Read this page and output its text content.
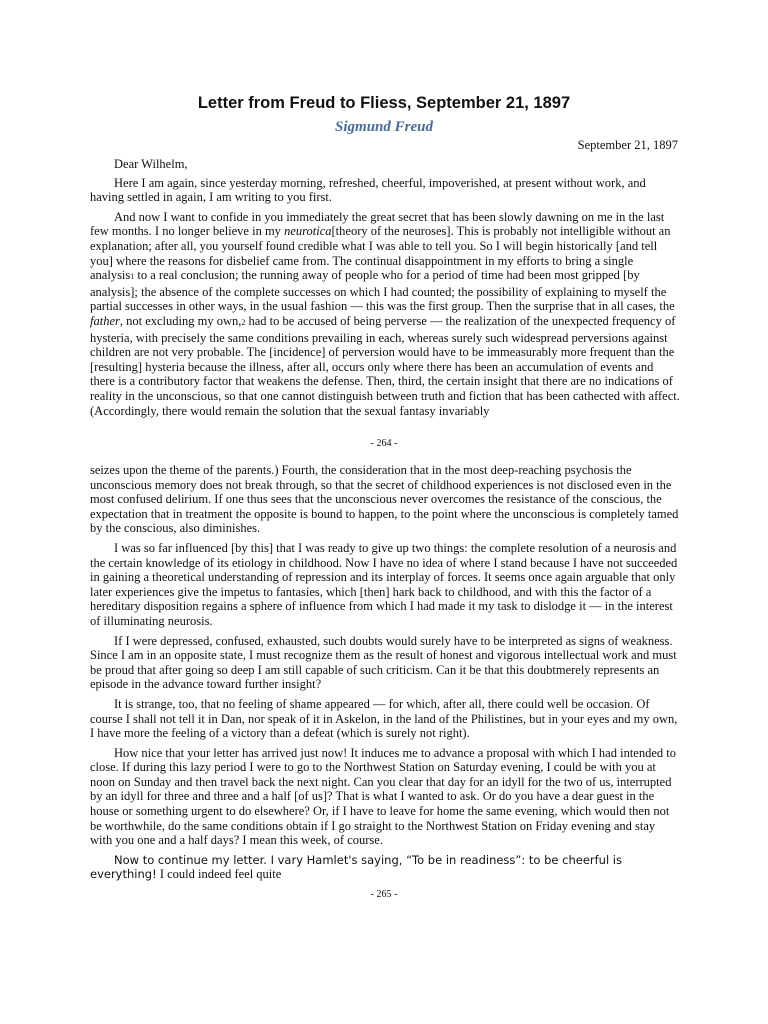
Letter from Freud to Fliess, September 21, 1897
Sigmund Freud
September 21, 1897

Dear Wilhelm,

Here I am again, since yesterday morning, refreshed, cheerful, impoverished, at present without work, and having settled in again, I am writing to you first.

And now I want to confide in you immediately the great secret that has been slowly dawning on me in the last few months. I no longer believe in my neurotica[theory of the neuroses]. This is probably not intelligible without an explanation; after all, you yourself found credible what I was able to tell you. So I will begin historically [and tell you] where the reasons for disbelief came from. The continual disappointment in my efforts to bring a single analysis1 to a real conclusion; the running away of people who for a period of time had been most gripped [by analysis]; the absence of the complete successes on which I had counted; the possibility of explaining to myself the partial successes in other ways, in the usual fashion — this was the first group. Then the surprise that in all cases, the father, not excluding my own,2 had to be accused of being perverse — the realization of the unexpected frequency of hysteria, with precisely the same conditions prevailing in each, whereas surely such widespread perversions against children are not very probable. The [incidence] of perversion would have to be immeasurably more frequent than the [resulting] hysteria because the illness, after all, occurs only where there has been an accumulation of events and there is a contributory factor that weakens the defense. Then, third, the certain insight that there are no indications of reality in the unconscious, so that one cannot distinguish between truth and fiction that has been cathected with affect. (Accordingly, there would remain the solution that the sexual fantasy invariably

- 264 -

seizes upon the theme of the parents.) Fourth, the consideration that in the most deep-reaching psychosis the unconscious memory does not break through, so that the secret of childhood experiences is not disclosed even in the most confused delirium. If one thus sees that the unconscious never overcomes the resistance of the conscious, the expectation that in treatment the opposite is bound to happen, to the point where the unconscious is completely tamed by the conscious, also diminishes.

I was so far influenced [by this] that I was ready to give up two things: the complete resolution of a neurosis and the certain knowledge of its etiology in childhood. Now I have no idea of where I stand because I have not succeeded in gaining a theoretical understanding of repression and its interplay of forces. It seems once again arguable that only later experiences give the impetus to fantasies, which [then] hark back to childhood, and with this the factor of a hereditary disposition regains a sphere of influence from which I had made it my task to dislodge it — in the interest of illuminating neurosis.

If I were depressed, confused, exhausted, such doubts would surely have to be interpreted as signs of weakness. Since I am in an opposite state, I must recognize them as the result of honest and vigorous intellectual work and must be proud that after going so deep I am still capable of such criticism. Can it be that this doubtmerely represents an episode in the advance toward further insight?

It is strange, too, that no feeling of shame appeared — for which, after all, there could well be occasion. Of course I shall not tell it in Dan, nor speak of it in Askelon, in the land of the Philistines, but in your eyes and my own, I have more the feeling of a victory than a defeat (which is surely not right).

How nice that your letter has arrived just now! It induces me to advance a proposal with which I had intended to close. If during this lazy period I were to go to the Northwest Station on Saturday evening, I could be with you at noon on Sunday and then travel back the next night. Can you clear that day for an idyll for the two of us, interrupted by an idyll for three and three and a half [of us]? That is what I wanted to ask. Or do you have a dear guest in the house or something urgent to do elsewhere? Or, if I have to leave for home the same evening, which would then not be worthwhile, do the same conditions obtain if I go straight to the Northwest Station on Friday evening and stay with you one and a half days? I mean this week, of course.

Now to continue my letter. I vary Hamlet's saying, “To be in readiness”: to be cheerful is everything! I could indeed feel quite

- 265 -
